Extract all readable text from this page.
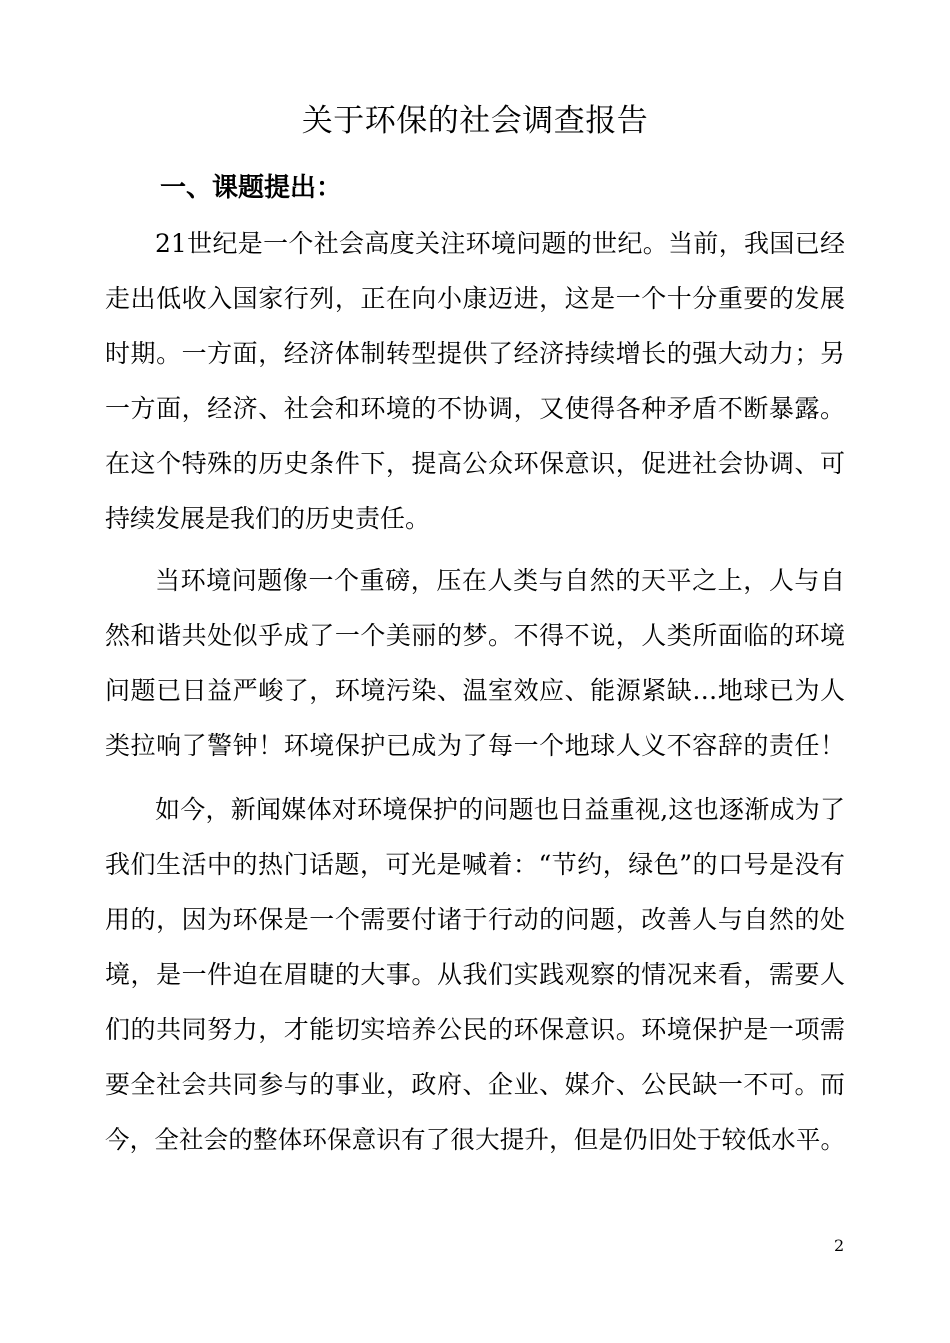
关于环保的社会调查报告
一、课题提出：
21世纪是一个社会高度关注环境问题的世纪。当前，我国已经
走出低收入国家行列，正在向小康迈进，这是一个十分重要的发展
时期。一方面，经济体制转型提供了经济持续增长的强大动力；另
一方面，经济、社会和环境的不协调，又使得各种矛盾不断暴露。
在这个特殊的历史条件下，提高公众环保意识，促进社会协调、可
持续发展是我们的历史责任。
当环境问题像一个重磅，压在人类与自然的天平之上，人与自
然和谐共处似乎成了一个美丽的梦。不得不说，人类所面临的环境
问题已日益严峻了，环境污染、温室效应、能源紧缺…地球已为人
类拉响了警钟！环境保护已成为了每一个地球人义不容辞的责任！
如今，新闻媒体对环境保护的问题也日益重视,这也逐渐成为了
我们生活中的热门话题，可光是喊着：“节约，绿色”的口号是没有
用的，因为环保是一个需要付诸于行动的问题，改善人与自然的处
境，是一件迫在眉睫的大事。从我们实践观察的情况来看，需要人
们的共同努力，才能切实培养公民的环保意识。环境保护是一项需
要全社会共同参与的事业，政府、企业、媒介、公民缺一不可。而
今，全社会的整体环保意识有了很大提升，但是仍旧处于较低水平。
2
